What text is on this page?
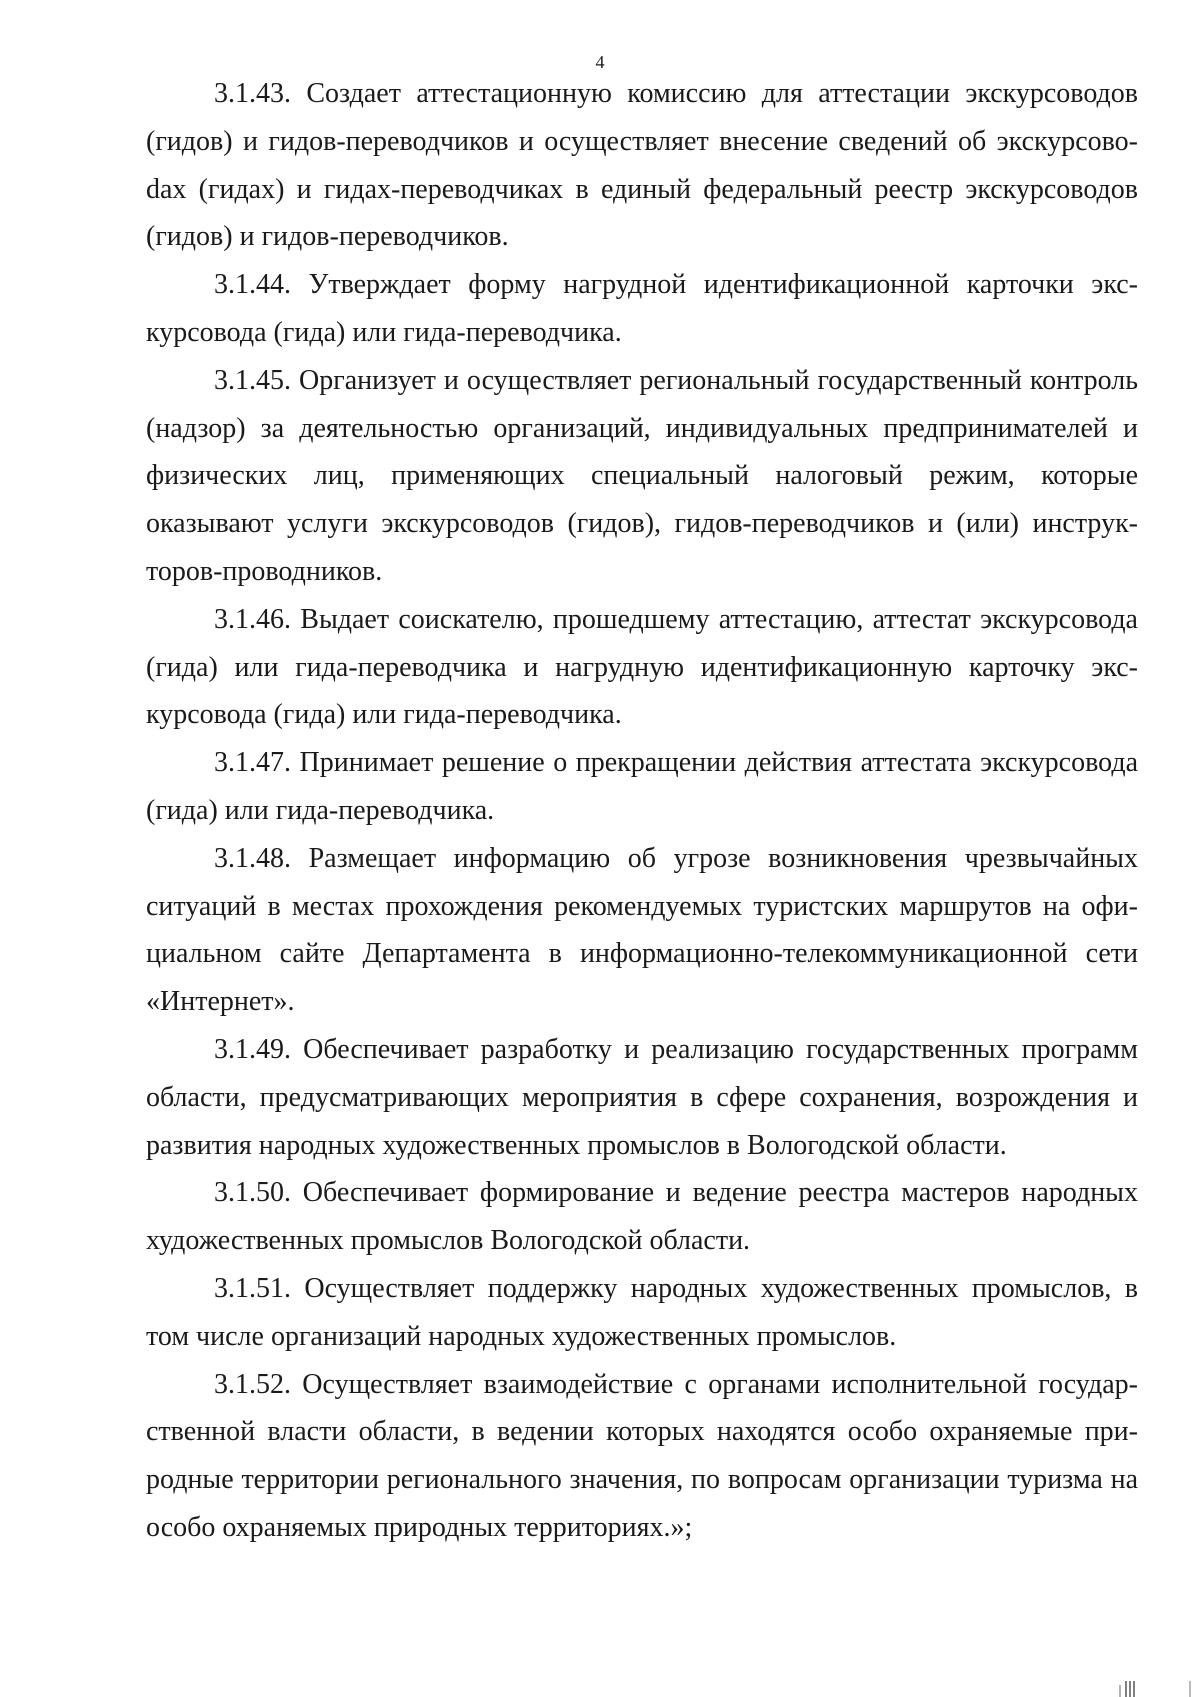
4

3.1.43. Создает аттестационную комиссию для аттестации экскурсоводов (гидов) и гидов-переводчиков и осуществляет внесение сведений об экскурсовоdах (гидах) и гидах-переводчиках в единый федеральный реестр экскурсоводов (гидов) и гидов-переводчиков.

3.1.44. Утверждает форму нагрудной идентификационной карточки экскурсовода (гида) или гида-переводчика.

3.1.45. Организует и осуществляет региональный государственный контроль (надзор) за деятельностью организаций, индивидуальных предпринимателей и физических лиц, применяющих специальный налоговый режим, которые оказывают услуги экскурсоводов (гидов), гидов-переводчиков и (или) инструкторов-проводников.

3.1.46. Выдает соискателю, прошедшему аттестацию, аттестат экскурсовода (гида) или гида-переводчика и нагрудную идентификационную карточку экскурсовода (гида) или гида-переводчика.

3.1.47. Принимает решение о прекращении действия аттестата экскурсовода (гида) или гида-переводчика.

3.1.48. Размещает информацию об угрозе возникновения чрезвычайных ситуаций в местах прохождения рекомендуемых туристских маршрутов на официальном сайте Департамента в информационно-телекоммуникационной сети «Интернет».

3.1.49. Обеспечивает разработку и реализацию государственных программ области, предусматривающих мероприятия в сфере сохранения, возрождения и развития народных художественных промыслов в Вологодской области.

3.1.50. Обеспечивает формирование и ведение реестра мастеров народных художественных промыслов Вологодской области.

3.1.51. Осуществляет поддержку народных художественных промыслов, в том числе организаций народных художественных промыслов.

3.1.52. Осуществляет взаимодействие с органами исполнительной государственной власти области, в ведении которых находятся особо охраняемые природные территории регионального значения, по вопросам организации туризма на особо охраняемых природных территориях.»;
